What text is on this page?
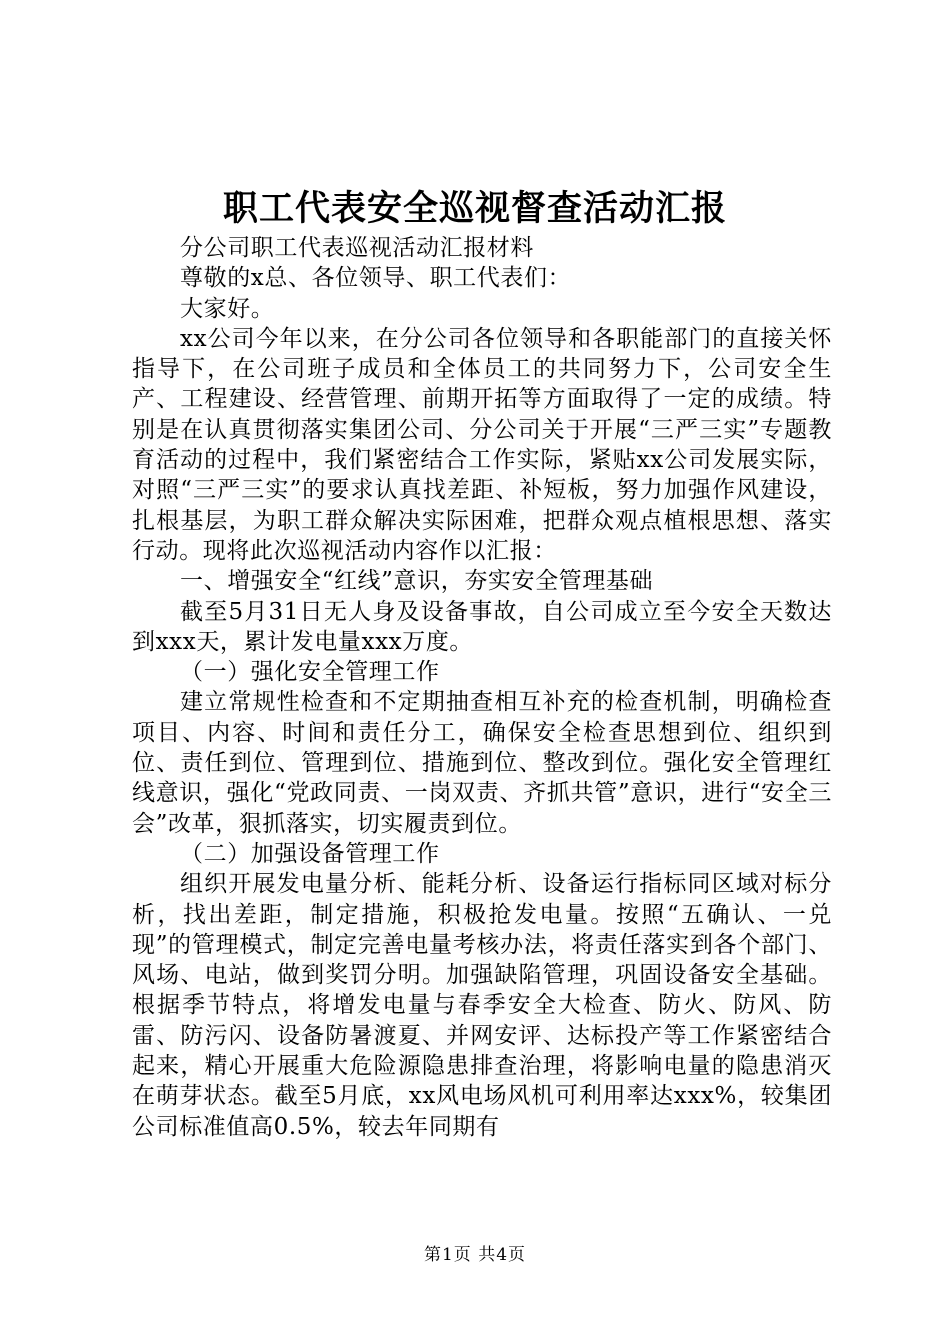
职工代表安全巡视督查活动汇报

分公司职工代表巡视活动汇报材料

尊敬的x总、各位领导、职工代表们：

大家好。

xx公司今年以来，在分公司各位领导和各职能部门的直接关怀指导下，在公司班子成员和全体员工的共同努力下，公司安全生产、工程建设、经营管理、前期开拓等方面取得了一定的成绩。特别是在认真贯彻落实集团公司、分公司关于开展“三严三实”专题教育活动的过程中，我们紧密结合工作实际，紧贴xx公司发展实际，对照“三严三实”的要求认真找差距、补短板，努力加强作风建设，扎根基层，为职工群众解决实际困难，把群众观点植根思想、落实行动。现将此次巡视活动内容作以汇报：

一、增强安全“红线”意识，夯实安全管理基础

截至5月31日无人身及设备事故，自公司成立至今安全天数达到xxx天，累计发电量xxx万度。

（一）强化安全管理工作

建立常规性检查和不定期抽查相互补充的检查机制，明确检查项目、内容、时间和责任分工，确保安全检查思想到位、组织到位、责任到位、管理到位、措施到位、整改到位。强化安全管理红线意识，强化“党政同责、一岗双责、齐抓共管”意识，进行“安全三会”改革，狠抓落实，切实履责到位。

（二）加强设备管理工作

组织开展发电量分析、能耗分析、设备运行指标同区域对标分析，找出差距，制定措施，积极抢发电量。按照“五确认、一兑现”的管理模式，制定完善电量考核办法，将责任落实到各个部门、风场、电站，做到奖罚分明。加强缺陷管理，巩固设备安全基础。根据季节特点，将增发电量与春季安全大检查、防火、防风、防雷、防污闪、设备防暑渡夏、并网安评、达标投产等工作紧密结合起来，精心开展重大危险源隐患排查治理，将影响电量的隐患消灭在萌芽状态。截至5月底，xx风电场风机可利用率达xxx%，较集团公司标准值高0.5%，较去年同期有

第1页 共4页
